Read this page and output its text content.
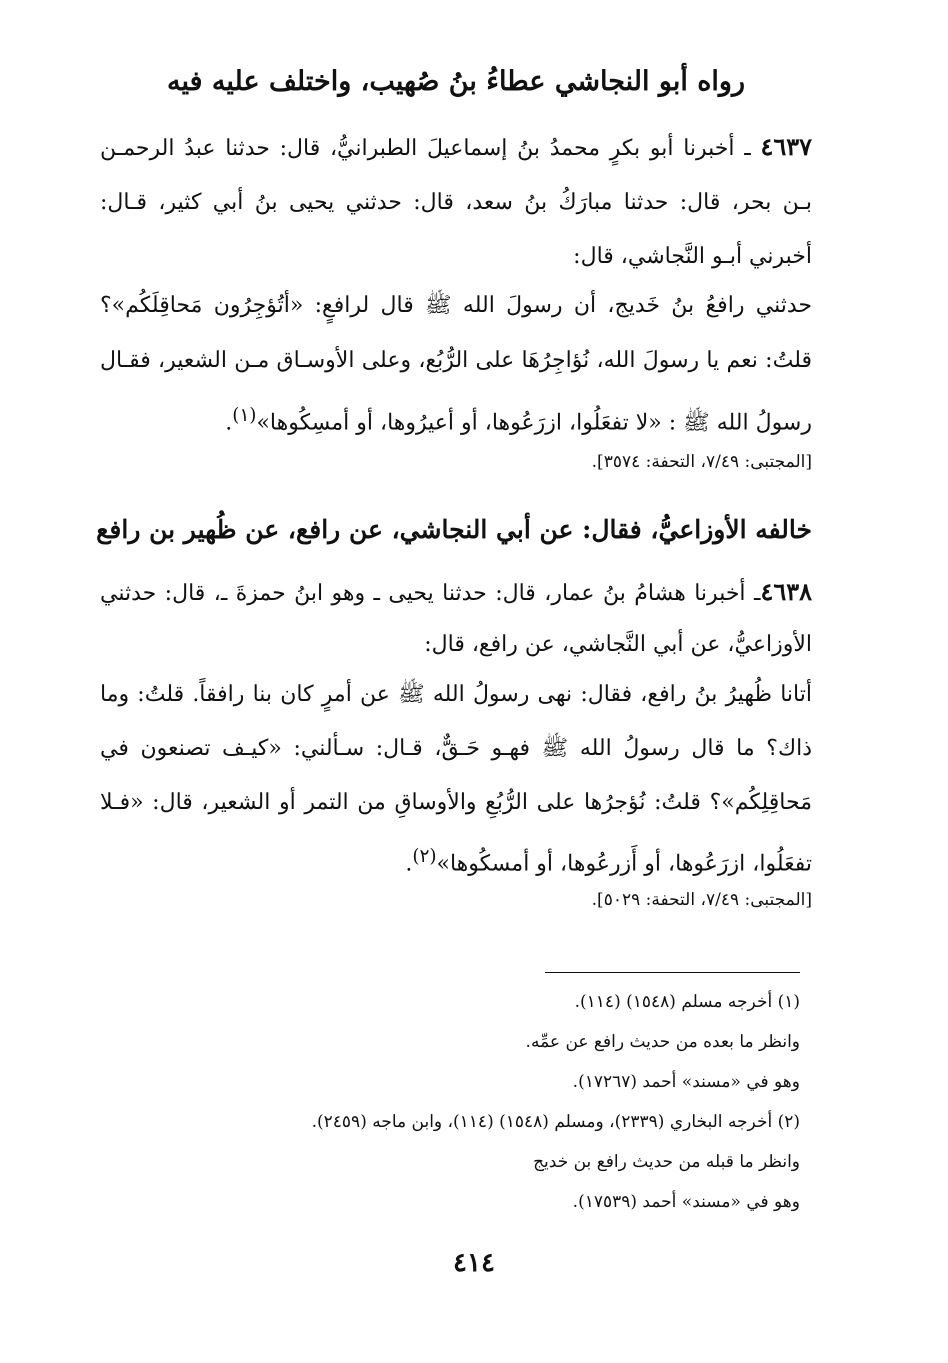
رواه أبو النجاشي عطاءُ بنُ صُهيب، واختلف عليه فيه
٤٦٣٧ ـ أخبرنا أبو بكرٍ محمدُ بنُ إسماعيلَ الطبرانيُّ، قال: حدثنا عبدُ الرحمـن بـن بحر، قال: حدثنا مبارَكُ بنُ سعد، قال: حدثني يحيى بنُ أبي كثير، قـال: أخبرني أبـو النَّجاشي، قال:
حدثني رافعُ بنُ خَديج، أن رسولَ الله ﷺ قال لرافعٍ: «أتُؤجِرُون مَحاقِلَكُم»؟ قلتُ: نعم يا رسولَ الله، نُؤاجِرُهَا على الرُّبُع، وعلى الأوسـاق مـن الشعير، فقـال رسولُ الله ﷺ : «لا تفعَلُوا، ازرَعُوها، أو أعيرُوها، أو أمسِكُوها»$^{(١)}$.
[المجتبى: ٧/٤٩، التحفة: ٣٥٧٤].
خالفه الأوزاعيُّ، فقال: عن أبي النجاشي، عن رافع، عن ظُهير بن رافع
٤٦٣٨ـ أخبرنا هشامُ بنُ عمار، قال: حدثنا يحيى ـ وهو ابنُ حمزةَ ـ، قال: حدثني الأوزاعيُّ، عن أبي النَّجاشي، عن رافع، قال:
أتانا ظُهيرُ بنُ رافع، فقال: نهى رسولُ الله ﷺ عن أمرٍ كان بنا رافقاً. قلتُ: وما ذاك؟ ما قال رسولُ الله ﷺ فهـو حَـقٌّ، قـال: سـألني: «كيـف تصنعون في مَحاقِلِكُم»؟ قلتُ: نُؤجرُها على الرُّبُعِ والأوساقِ من التمر أو الشعير، قال: «فـلا تفعَلُوا، ازرَعُوها، أو أَزرعُوها، أو أمسكُوها»$^{(٢)}$.
[المجتبى: ٧/٤٩، التحفة: ٥٠٢٩].
(١) أخرجه مسلم (١٥٤٨) (١١٤).
وانظر ما بعده من حديث رافع عن عمِّه.
وهو في «مسند» أحمد (١٧٢٦٧).
(٢) أخرجه البخاري (٢٣٣٩)، ومسلم (١٥٤٨) (١١٤)، وابن ماجه (٢٤٥٩).
وانظر ما قبله من حديث رافع بن خديج
وهو في «مسند» أحمد (١٧٥٣٩).
٤١٤
